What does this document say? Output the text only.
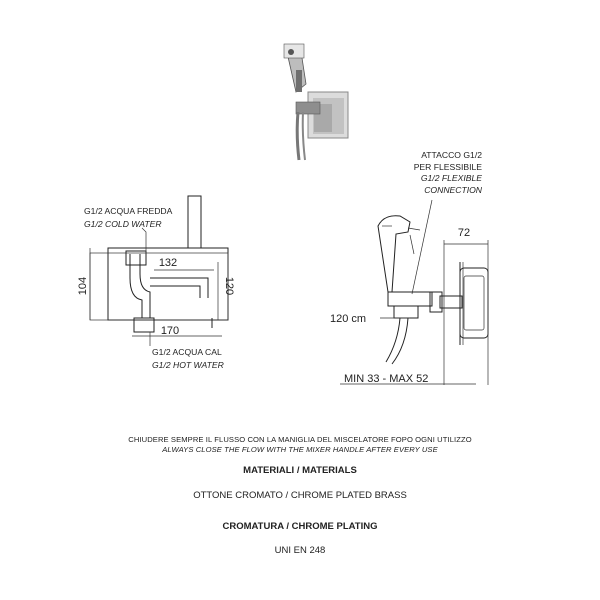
G1/2 ACQUA FREDDA
G1/2 COLD WATER
104
132
120
170
G1/2 ACQUA CAL
G1/2 HOT WATER
ATTACCO G1/2
PER FLESSIBILE
G1/2 FLEXIBLE
CONNECTION
72
120 cm
MIN 33 - MAX 52
CHIUDERE SEMPRE IL FLUSSO CON LA MANIGLIA DEL MISCELATORE FOPO OGNI UTILIZZO
ALWAYS CLOSE THE FLOW WITH THE MIXER HANDLE AFTER EVERY USE
MATERIALI / MATERIALS
OTTONE CROMATO / CHROME PLATED BRASS
CROMATURA / CHROME PLATING
UNI EN 248
